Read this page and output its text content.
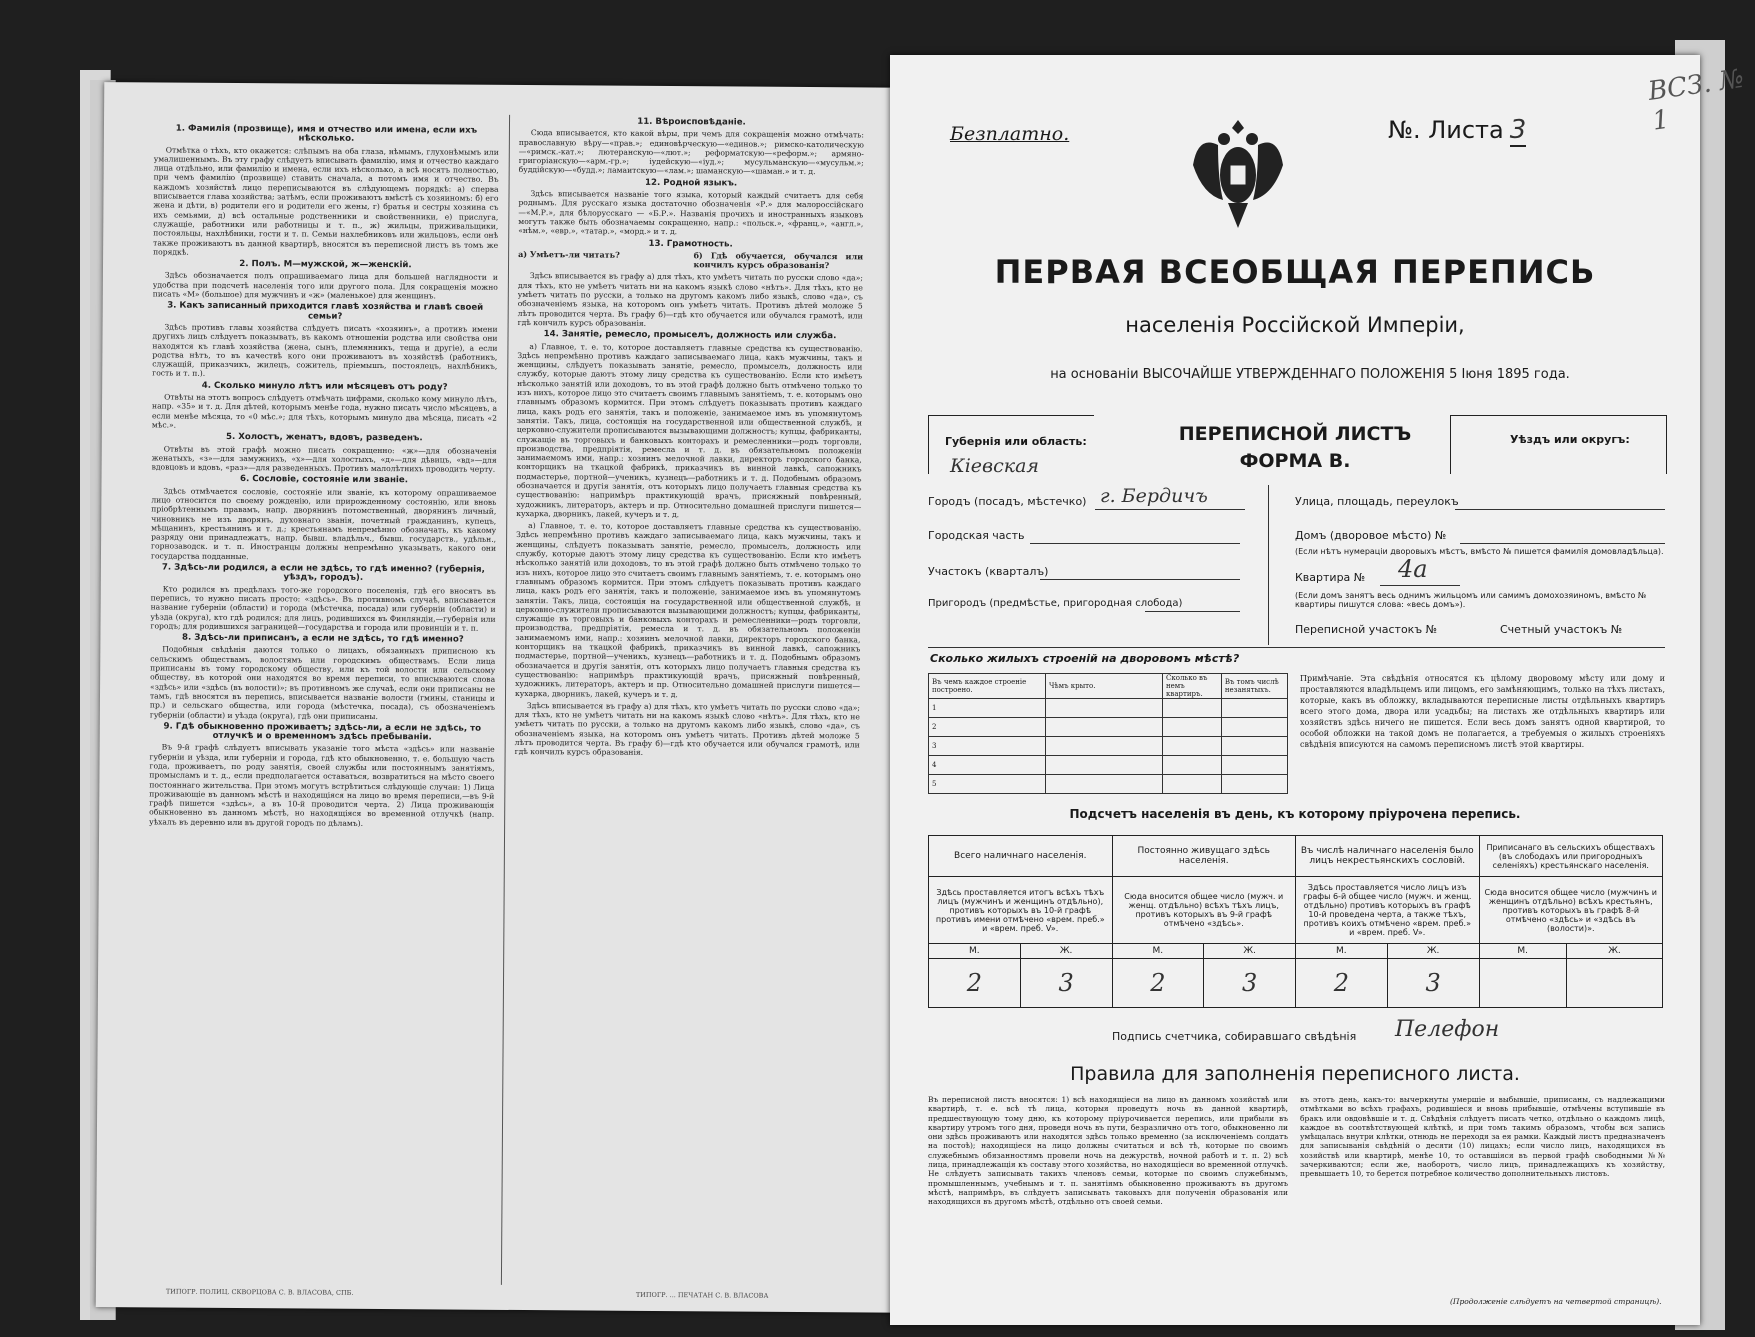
1. Фамилія (прозвище), имя и отчество или имена, если ихъ нѣсколько.

Отмѣтка о тѣхъ, кто окажется: слѣпымъ на оба глаза, нѣмымъ, глухонѣмымъ или умалишеннымъ. Въ эту графу слѣдуетъ вписывать фамилію, имя и отчество каждаго лица отдѣльно, или фамилію и имена, если ихъ нѣсколько, а всѣ носятъ полностью, при чемъ фамилію (прозвище) ставить сначала, а потомъ имя и отчество. Въ каждомъ хозяйствѣ лицо переписываются въ слѣдующемъ порядкѣ: а) сперва вписывается глава хозяйства; затѣмъ, если проживаютъ вмѣстѣ съ хозяиномъ: б) его жена и дѣти, в) родители его и родители его жены, г) братья и сестры хозяина съ ихъ семьями, д) всѣ остальные родственники и свойственники, е) прислуга, служащіе, работники или работницы и т. п., ж) жильцы, приживальщики, постояльцы, нахлѣбники, гости и т. п. Семьи нахлебниковъ или жильцовъ, если онѣ также проживаютъ въ данной квартирѣ, вносятся въ переписной листъ въ томъ же порядкѣ.

2. Полъ. М—мужской, ж—женскій.

Здѣсь обозначается полъ опрашиваемаго лица для большей наглядности и удобства при подсчетѣ населенія того или другого пола. Для сокращенія можно писать «М» (большое) для мужчинъ и «ж» (маленькое) для женщинъ.

3. Какъ записанный приходится главѣ хозяйства и главѣ своей семьи?

Здѣсь противъ главы хозяйства слѣдуетъ писать «хозяинъ», а противъ имени другихъ лицъ слѣдуетъ показывать, въ какомъ отношеніи родства или свойства они находятся къ главѣ хозяйства (жена, сынъ, племянникъ, теща и другіе), а если родства нѣтъ, то въ качествѣ кого они проживаютъ въ хозяйствѣ (работникъ, служащій, приказчикъ, жилецъ, сожитель, пріемышъ, постоялецъ, нахлѣбникъ, гость и т. п.).

4. Сколько минуло лѣтъ или мѣсяцевъ отъ роду?

Отвѣты на этотъ вопросъ слѣдуетъ отмѣчать цифрами, сколько кому минуло лѣтъ, напр. «35» и т. д. Для дѣтей, которымъ менѣе года, нужно писать число мѣсяцевъ, а если менѣе мѣсяца, то «0 мѣс.»; для тѣхъ, которымъ минуло два мѣсяца, писать «2 мѣс.».

5. Холостъ, женатъ, вдовъ, разведенъ.

Отвѣты въ этой графѣ можно писать сокращенно: «ж»—для обозначенія женатыхъ, «з»—для замужнихъ, «х»—для холостыхъ, «д»—для дѣвицъ, «вд»—для вдовцовъ и вдовъ, «раз»—для разведенныхъ. Противъ малолѣтнихъ проводить черту.

6. Сословіе, состояніе или званіе.

Здѣсь отмѣчается сословіе, состояніе или званіе, къ которому опрашиваемое лицо относится по своему рожденію, или прирожденному состоянію, или вновь пріобрѣтеннымъ правамъ, напр. дворянинъ потомственный, дворянинъ личный, чиновникъ не изъ дворянъ, духовнаго званія, почетный гражданинъ, купецъ, мѣщанинъ, крестьянинъ и т. д.; крестьянамъ непремѣнно обозначать, къ какому разряду они принадлежатъ, напр. бывш. владѣльч., бывш. государств., удѣльн., горнозаводск. и т. п. Иностранцы должны непремѣнно указывать, какого они государства подданные.

7. Здѣсь-ли родился, а если не здѣсь, то гдѣ именно? (губернія, уѣздъ, городъ).

Кто родился въ предѣлахъ того-же городского поселенія, гдѣ его вносятъ въ перепись, то нужно писать просто: «здѣсь». Въ противномъ случаѣ, вписывается название губерніи (области) и города (мѣстечка, посада) или губерніи (области) и уѣзда (округа), кто гдѣ родился; для лицъ, родившихся въ Финляндіи,—губернія или городъ; для родившихся заграницей—государства и города или провинціи и т. п.

8. Здѣсь-ли приписанъ, а если не здѣсь, то гдѣ именно?

Подобныя свѣдѣнія даются только о лицахъ, обязанныхъ приписною къ сельскимъ обществамъ, волостямъ или городскимъ обществамъ. Если лица приписаны въ тому городскому обществу, или къ той волости или сельскому обществу, въ которой они находятся во время переписи, то вписываются слова «здѣсь» или «здѣсь (въ волости)»; въ противномъ же случаѣ, если они приписаны не тамъ, гдѣ вносятся въ перепись, вписывается названіе волости (гмины, станицы и пр.) и сельскаго общества, или города (мѣстечка, посада), съ обозначеніемъ губерніи (области) и уѣзда (округа), гдѣ они приписаны.

9. Гдѣ обыкновенно проживаетъ; здѣсь-ли, а если не здѣсь, то отлучкѣ и о временномъ здѣсь пребываніи.

Въ 9-й графѣ слѣдуетъ вписывать указаніе того мѣста «здѣсь» или названіе губерніи и уѣзда, или губерніи и города, гдѣ кто обыкновенно, т. е. большую часть года, проживаетъ, по роду занятія, своей службы или постояннымъ занятіямъ, промысламъ и т. д., если предполагается оставаться, возвратиться на мѣсто своего постояннаго жительства. При этомъ могутъ встрѣтиться слѣдующіе случаи: 1) Лица проживающіе въ данномъ мѣстѣ и находящіяся на лицо во время переписи,—въ 9-й графѣ пишется «здѣсь», а въ 10-й проводится черта. 2) Лица проживающія обыкновенно въ данномъ мѣстѣ, но находящіяся во временной отлучкѣ (напр. уѣхалъ въ деревню или въ другой городъ по дѣламъ).

11. Вѣроисповѣданіе.

Сюда вписывается, кто какой вѣры, при чемъ для сокращенія можно отмѣчать: православную вѣру—«прав.»; единовѣрческую—«единов.»; римско-католическую—«римск.-кат.»; лютеранскую—«лют.»; реформатскую—«реформ.»; армяно-григоріанскую—«арм.-гр.»; іудейскую—«іуд.»; мусульманскую—«мусульм.»; буддійскую—«будд.»; ламаитскую—«лам.»; шаманскую—«шаман.» и т. д.

12. Родной языкъ.

Здѣсь вписывается названіе того языка, который каждый считаетъ для себя роднымъ. Для русскаго языка достаточно обозначенія «Р.» для малороссійскаго—«М.Р.», для бѣлорусскаго — «Б.Р.». Названія прочихъ и иностранныхъ языковъ могутъ также быть обозначаемы сокращенно, напр.: «польск.», «франц.», «англ.», «нѣм.», «евр.», «татар.», «морд.» и т. д.

13. Грамотность.
а) Умѣетъ-ли читать?	б) Гдѣ обучается, обучался или кончилъ курсъ образованія?

Здѣсь вписывается въ графу а) для тѣхъ, кто умѣетъ читать по русски слово «да»; для тѣхъ, кто не умѣетъ читать ни на какомъ языкѣ слово «нѣтъ». Для тѣхъ, кто не умѣетъ читать по русски, а только на другомъ какомъ либо языкѣ, слово «да», съ обозначеніемъ языка, на которомъ онъ умѣетъ читать. Противъ дѣтей моложе 5 лѣтъ проводится черта. Въ графу б)—гдѣ кто обучается или обучался грамотѣ, или гдѣ кончилъ курсъ образованія.

14. Занятіе, ремесло, промыселъ, должность или служба.

а) Главное, т. е. то, которое доставляетъ главные средства къ существованію. Здѣсь непремѣнно противъ каждаго записываемаго лица, какъ мужчины, такъ и женщины, слѣдуетъ показывать занятіе, ремесло, промыселъ, должность или службу, которые даютъ этому лицу средства къ существованію. Если кто имѣетъ нѣсколько занятій или доходовъ, то въ этой графѣ должно быть отмѣчено только то изъ нихъ, которое лицо это считаетъ своимъ главнымъ занятіемъ, т. е. которымъ оно главнымъ образомъ кормится. При этомъ слѣдуетъ показывать противъ каждаго лица, какъ родъ его занятія, такъ и положеніе, занимаемое имъ въ упомянутомъ занятіи. Такъ, лица, состоящія на государственной или общественной службѣ, и церковно-служители прописываются вызывающими должностъ; купцы, фабриканты, служащіе въ торговыхъ и банковыхъ конторахъ и ремесленники—родъ торговли, производства, предпріятія, ремесла и т. д. въ обязательномъ положеніи занимаемомъ ими, напр.: хозяинъ мелочной лавки, директоръ городского банка, конторщикъ на ткацкой фабрикѣ, приказчикъ въ винной лавкѣ, сапожникъ подмастерье, портной—ученикъ, кузнецъ—работникъ и т. д. Подобнымъ образомъ обозначается и другія занятія, отъ которыхъ лицо получаетъ главныя средства къ существованію: напримѣръ практикующій врачъ, присяжный повѣренный, художникъ, литераторъ, актеръ и пр. Относительно домашней прислуги пишется—кухарка, дворникъ, лакей, кучеръ и т. д.

а) Главное, т. е. то, которое доставляетъ главные средства къ существованію. Здѣсь непремѣнно противъ каждаго записываемаго лица, какъ мужчины, такъ и женщины, слѣдуетъ показывать занятіе, ремесло, промыселъ, должность или службу, которые даютъ этому лицу средства къ существованію. Если кто имѣетъ нѣсколько занятій или доходовъ, то въ этой графѣ должно быть отмѣчено только то изъ нихъ, которое лицо это считаетъ своимъ главнымъ занятіемъ, т. е. которымъ оно главнымъ образомъ кормится. При этомъ слѣдуетъ показывать противъ каждаго лица, какъ родъ его занятія, такъ и положеніе, занимаемое имъ въ упомянутомъ занятіи. Такъ, лица, состоящія на государственной или общественной службѣ, и церковно-служители прописываются вызывающими должностъ; купцы, фабриканты, служащіе въ торговыхъ и банковыхъ конторахъ и ремесленники—родъ торговли, производства, предпріятія, ремесла и т. д. въ обязательномъ положеніи занимаемомъ ими, напр.: хозяинъ мелочной лавки, директоръ городского банка, конторщикъ на ткацкой фабрикѣ, приказчикъ въ винной лавкѣ, сапожникъ подмастерье, портной—ученикъ, кузнецъ—работникъ и т. д. Подобнымъ образомъ обозначается и другія занятія, отъ которыхъ лицо получаетъ главныя средства къ существованію: напримѣръ практикующій врачъ, присяжный повѣренный, художникъ, литераторъ, актеръ и пр. Относительно домашней прислуги пишется—кухарка, дворникъ, лакей, кучеръ и т. д.

Здѣсь вписывается въ графу а) для тѣхъ, кто умѣетъ читать по русски слово «да»; для тѣхъ, кто не умѣетъ читать ни на какомъ языкѣ слово «нѣтъ». Для тѣхъ, кто не умѣетъ читать по русски, а только на другомъ какомъ либо языкѣ, слово «да», съ обозначеніемъ языка, на которомъ онъ умѣетъ читать. Противъ дѣтей моложе 5 лѣтъ проводится черта. Въ графу б)—гдѣ кто обучается или обучался грамотѣ, или гдѣ кончилъ курсъ образованія.

ТИПОГР. ПОЛИЦ. СКВОРЦОВА С. В. ВЛАСОВА, СПБ.	ТИПОГР. ... ПЕЧАТАН С. В. ВЛАСОВА
Безплатно.	№. Листа 3
ПЕРВАЯ ВСЕОБЩАЯ ПЕРЕПИСЬ
населенія Россійской Имперіи,
на основаніи ВЫСОЧАЙШЕ УТВЕРЖДЕННАГО ПОЛОЖЕНІЯ 5 Іюня 1895 года.
Губернія или область:
Кіевская
Уѣздъ или округъ:
ПЕРЕПИСНОЙ ЛИСТЪ
ФОРМА В.
Городъ (посадъ, мѣстечко) г. Бердичъ	Улица, площадь, переулокъ
Городская часть	Домъ (дворовое мѣсто) №
(Если нѣтъ нумераціи дворовыхъ мѣстъ, вмѣсто № пишется фамилія домовладѣльца).
Участокъ (кварталъ)	Квартира № 4а
(Если домъ занятъ весь однимъ жильцомъ или самимъ домохозяиномъ, вмѣсто № квартиры пишутся слова: «весь домъ»).
Пригородъ (предмѣстье, пригородная слобода)
Переписной участокъ №	Счетный участокъ №
Сколько жилыхъ строеній на дворовомъ мѣстѣ?
Въ чемъ каждое строеніе построено.	Чѣмъ крыто.	Сколько въ немъ квартиръ.	Въ томъ числѣ незанятыхъ.
1			
2			
3			
4			
5			
Примѣчаніе. Эта свѣдѣнія относятся къ цѣлому дворовому мѣсту или дому и проставляются владѣльцемъ или лицомъ, его замѣняющимъ, только на тѣхъ листахъ, которые, какъ въ обложку, вкладываются переписные листы отдѣльныхъ квартиръ всего этого дома, двора или усадьбы; на листахъ же отдѣльныхъ квартиръ или хозяйствъ здѣсь ничего не пишется. Если весь домъ занятъ одной квартирой, то особой обложки на такой домъ не полагается, а требуемыя о жилыхъ строеніяхъ свѣдѣнія вписуются на самомъ переписномъ листѣ этой квартиры.
Подсчетъ населенія въ день, къ которому пріурочена перепись.
Всего наличнаго населенія.		Постоянно живущаго здѣсь населенія.		Въ числѣ наличнаго населенія было лицъ некрестьянскихъ сословій.		Приписанаго въ сельскихъ обществахъ (въ слободахъ или пригородныхъ селеніяхъ) крестьянскаго населенія.	
Здѣсь проставляется итогъ всѣхъ тѣхъ лицъ (мужчинъ и женщинъ отдѣльно), противъ которыхъ въ 10-й графѣ противъ имени отмѣчено «врем. преб.» и «врем. преб. V».		Сюда вносится общее число (мужч. и женщ. отдѣльно) всѣхъ тѣхъ лицъ, противъ которыхъ въ 9-й графѣ отмѣчено «здѣсь».		Здѣсь проставляется число лицъ изъ графы 6-й общее число (мужч. и женщ. отдѣльно) противъ которыхъ въ графѣ 10-й проведена черта, а также тѣхъ, противъ коихъ отмѣчено «врем. преб.» и «врем. преб. V».		Сюда вносится общее число (мужчинъ и женщинъ отдѣльно) всѣхъ крестьянъ, противъ которыхъ въ графѣ 8-й отмѣчено «здѣсь» и «здѣсь въ (волости)».	
М.	Ж.	М.	Ж.	М.	Ж.	М.	Ж.
2	3	2	3	2	3		
Подпись счетчика, собиравшаго свѣдѣнія Пелефон
Правила для заполненія переписного листа.
Въ переписной листъ вносятся: 1) всѣ находящіеся на лицо въ данномъ хозяйствѣ или квартирѣ, т. е. всѣ тѣ лица, которыя проведутъ ночь въ данной квартирѣ, предшествующую тому дню, къ которому пріурочивается перепись, или прибыли въ квартиру утромъ того дня, проведя ночь въ пути, безразлично отъ того, обыкновенно ли они здѣсь проживаютъ или находятся здѣсь только временно (за исключеніемъ солдатъ на постоѣ); находящіеся на лицо должны считаться и всѣ тѣ, которые по своимъ служебнымъ обязанностямъ провели ночь на дежурствѣ, ночной работѣ и т. п. 2) всѣ лица, принадлежащія къ составу этого хозяйства, но находящіеся во временной отлучкѣ. Не слѣдуетъ записывать такихъ членовъ семьи, которые по своимъ служебнымъ, промышленнымъ, учебнымъ и т. п. занятіямъ обыкновенно проживаютъ въ другомъ мѣстѣ, напримѣръ, въ слѣдуетъ записывать таковыхъ для полученія образованія или находящихся въ другомъ мѣстѣ, отдѣльно отъ своей семьи.
въ этотъ день, какъ-то: вычеркнуты умершіе и выбывшіе, приписаны, съ надлежащими отмѣтками во всѣхъ графахъ, родившіеся и вновь прибывшіе, отмѣчены вступившіе въ бракъ или овдовѣвшіе и т. д. Свѣдѣнія слѣдуетъ писать четко, отдѣльно о каждомъ лицѣ, каждое въ соотвѣтствующей клѣткѣ, и при томъ такимъ образомъ, чтобы вся запись умѣщалась внутри клѣтки, отнюдь не переходя за ея рамки. Каждый листъ предназначенъ для записыванія свѣдѣній о десяти (10) лицахъ; если число лицъ, находящихся въ хозяйствѣ или квартирѣ, менѣе 10, то оставшіяся въ первой графѣ свободными №№ зачеркиваются; если же, наоборотъ, число лицъ, принадлежащихъ къ хозяйству, превышаетъ 10, то берется потребное количество дополнительныхъ листовъ.
(Продолженіе слѣдуетъ на четвертой страницѣ).
ВСЗ. № 1
